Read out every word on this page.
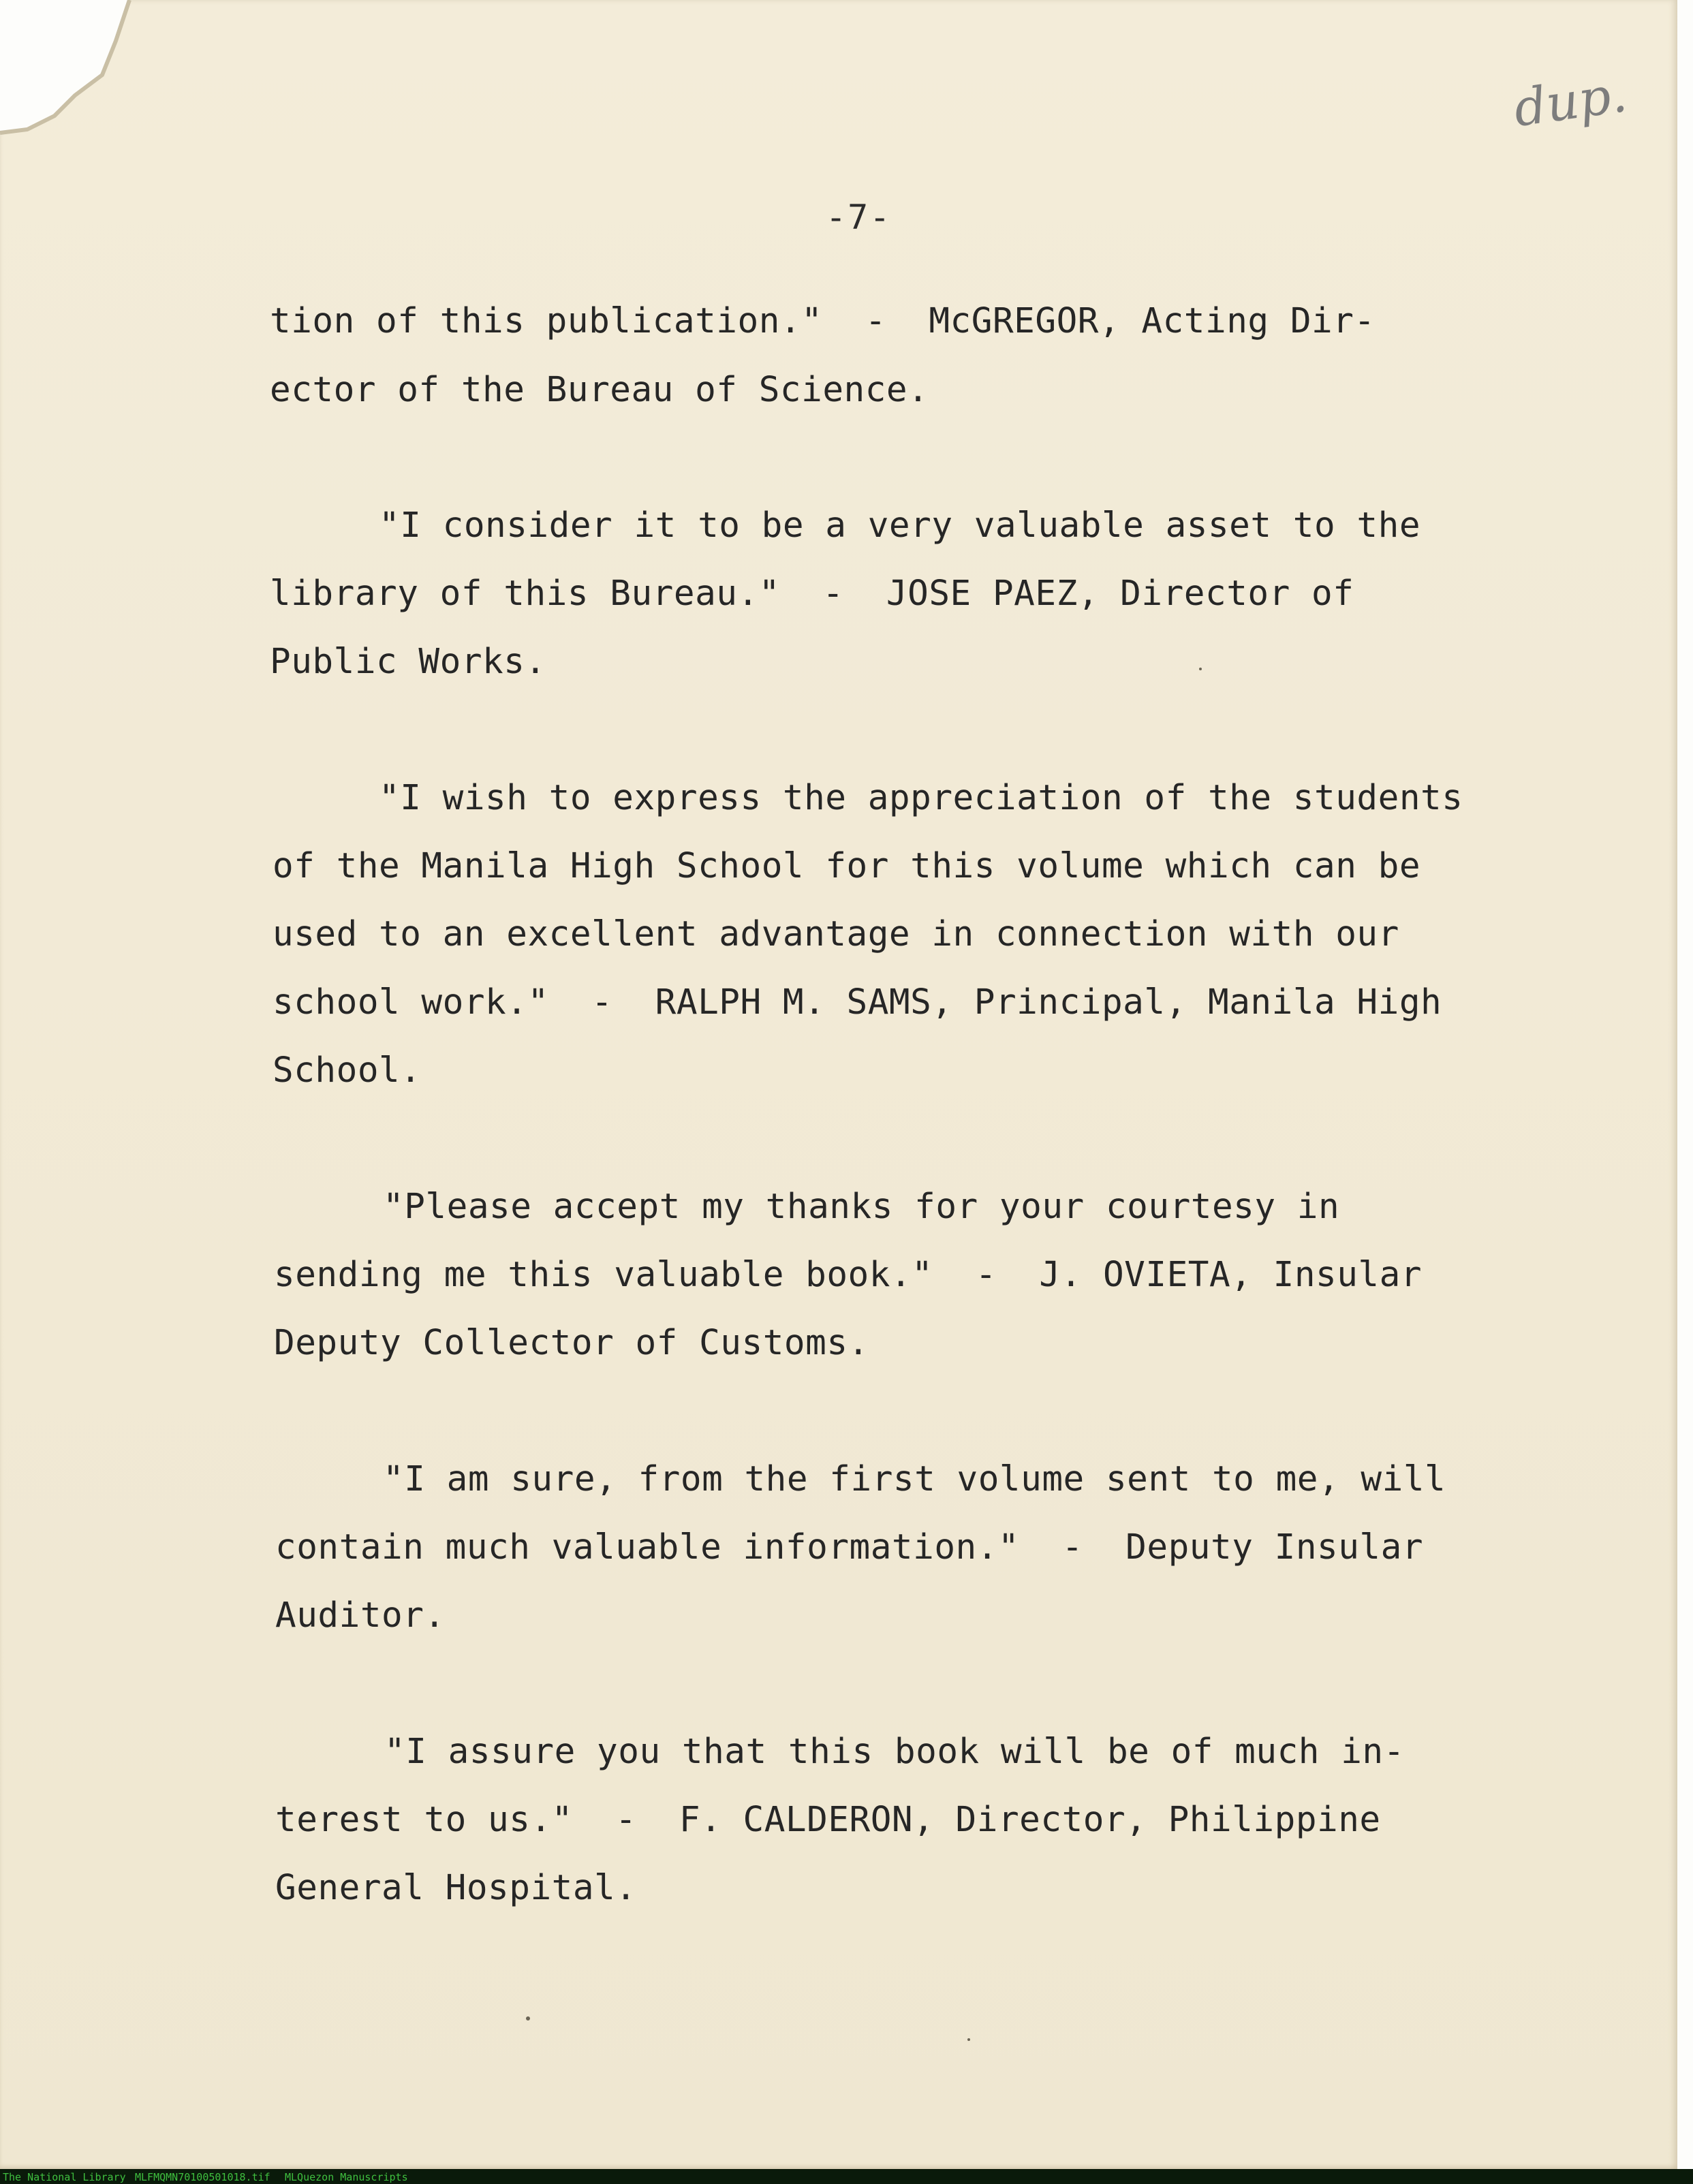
-7-
dup.
tion of this publication."  -  McGREGOR, Acting Dir-
ector of the Bureau of Science.
"I consider it to be a very valuable asset to the
library of this Bureau."  -  JOSE PAEZ, Director of
Public Works.
"I wish to express the appreciation of the students
of the Manila High School for this volume which can be
used to an excellent advantage in connection with our
school work."  -  RALPH M. SAMS, Principal, Manila High
School.
"Please accept my thanks for your courtesy in
sending me this valuable book."  -  J. OVIETA, Insular
Deputy Collector of Customs.
"I am sure, from the first volume sent to me, will
contain much valuable information."  -  Deputy Insular
Auditor.
"I assure you that this book will be of much in-
terest to us."  -  F. CALDERON, Director, Philippine
General Hospital.
The National Library MLFMQMN70100501018.tif MLQuezon Manuscripts
